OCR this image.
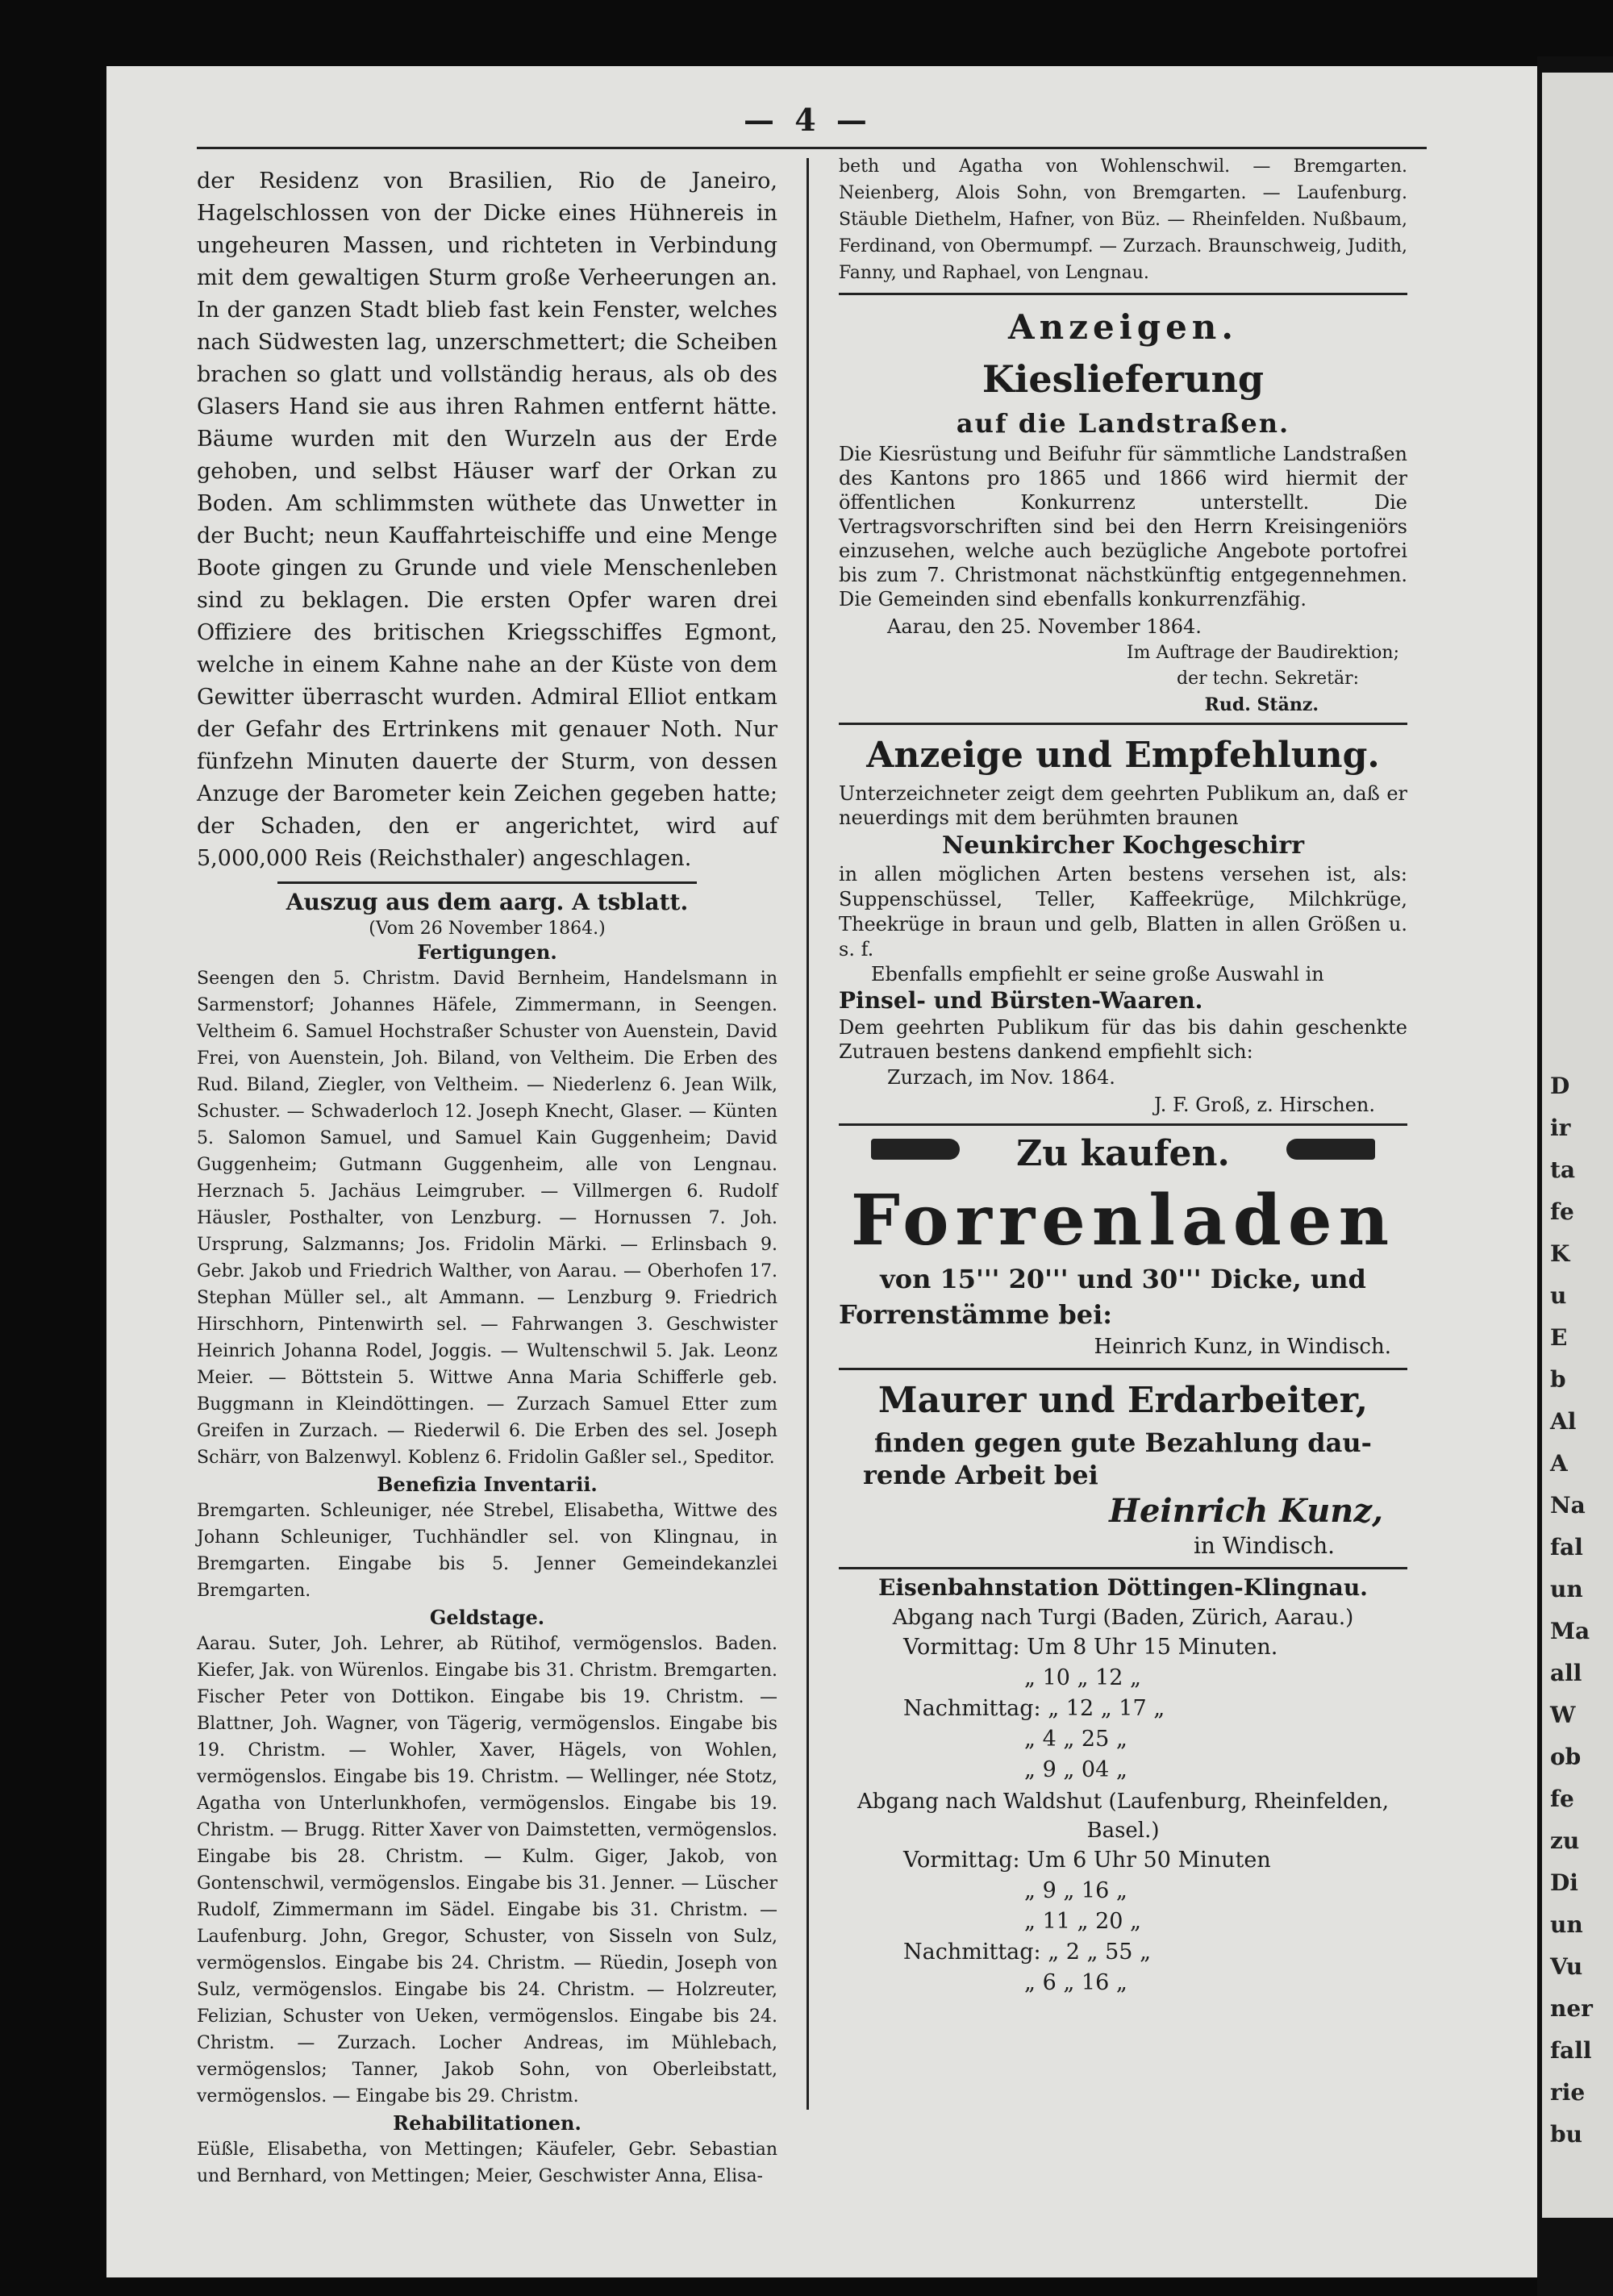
D
ir
ta
fe
K
u
E
b
Al
A
Na
fal
un
Ma
all
W
ob
fe
zu
Di
un
Vu
ner
fall
rie
bu
— 4 —

der Residenz von Brasilien, Rio de Janeiro, Hagelschlossen von der Dicke eines Hühnereis in ungeheuren Massen, und richteten in Verbindung mit dem gewaltigen Sturm große Verheerungen an. In der ganzen Stadt blieb fast kein Fenster, welches nach Südwesten lag, unzerschmettert; die Scheiben brachen so glatt und vollständig heraus, als ob des Glasers Hand sie aus ihren Rahmen entfernt hätte. Bäume wurden mit den Wurzeln aus der Erde gehoben, und selbst Häuser warf der Orkan zu Boden. Am schlimmsten wüthete das Unwetter in der Bucht; neun Kauffahrteischiffe und eine Menge Boote gingen zu Grunde und viele Menschenleben sind zu beklagen. Die ersten Opfer waren drei Offiziere des britischen Kriegsschiffes Egmont, welche in einem Kahne nahe an der Küste von dem Gewitter überrascht wurden. Admiral Elliot entkam der Gefahr des Ertrinkens mit genauer Noth. Nur fünfzehn Minuten dauerte der Sturm, von dessen Anzuge der Barometer kein Zeichen gegeben hatte; der Schaden, den er angerichtet, wird auf 5,000,000 Reis (Reichsthaler) angeschlagen.

Auszug aus dem aarg. A tsblatt.

(Vom 26 November 1864.)

Fertigungen.

Seengen den 5. Christm. David Bernheim, Handelsmann in Sarmenstorf; Johannes Häfele, Zimmermann, in Seengen. Veltheim 6. Samuel Hochstraßer Schuster von Auenstein, David Frei, von Auenstein, Joh. Biland, von Veltheim. Die Erben des Rud. Biland, Ziegler, von Veltheim. — Niederlenz 6. Jean Wilk, Schuster. — Schwaderloch 12. Joseph Knecht, Glaser. — Künten 5. Salomon Samuel, und Samuel Kain Guggenheim; David Guggenheim; Gutmann Guggenheim, alle von Lengnau. Herznach 5. Jachäus Leimgruber. — Villmergen 6. Rudolf Häusler, Posthalter, von Lenzburg. — Hornussen 7. Joh. Ursprung, Salzmanns; Jos. Fridolin Märki. — Erlinsbach 9. Gebr. Jakob und Friedrich Walther, von Aarau. — Oberhofen 17. Stephan Müller sel., alt Ammann. — Lenzburg 9. Friedrich Hirschhorn, Pintenwirth sel. — Fahrwangen 3. Geschwister Heinrich Johanna Rodel, Joggis. — Wultenschwil 5. Jak. Leonz Meier. — Böttstein 5. Wittwe Anna Maria Schifferle geb. Buggmann in Kleindöttingen. — Zurzach Samuel Etter zum Greifen in Zurzach. — Riederwil 6. Die Erben des sel. Joseph Schärr, von Balzenwyl. Koblenz 6. Fridolin Gaßler sel., Speditor.

Benefizia Inventarii.

Bremgarten. Schleuniger, née Strebel, Elisabetha, Wittwe des Johann Schleuniger, Tuchhändler sel. von Klingnau, in Bremgarten. Eingabe bis 5. Jenner Gemeindekanzlei Bremgarten.

Geldstage.

Aarau. Suter, Joh. Lehrer, ab Rütihof, vermögenslos. Baden. Kiefer, Jak. von Würenlos. Eingabe bis 31. Christm. Bremgarten. Fischer Peter von Dottikon. Eingabe bis 19. Christm. — Blattner, Joh. Wagner, von Tägerig, vermögenslos. Eingabe bis 19. Christm. — Wohler, Xaver, Hägels, von Wohlen, vermögenslos. Eingabe bis 19. Christm. — Wellinger, née Stotz, Agatha von Unterlunkhofen, vermögenslos. Eingabe bis 19. Christm. — Brugg. Ritter Xaver von Daimstetten, vermögenslos. Eingabe bis 28. Christm. — Kulm. Giger, Jakob, von Gontenschwil, vermögenslos. Eingabe bis 31. Jenner. — Lüscher Rudolf, Zimmermann im Sädel. Eingabe bis 31. Christm. — Laufenburg. John, Gregor, Schuster, von Sisseln von Sulz, vermögenslos. Eingabe bis 24. Christm. — Rüedin, Joseph von Sulz, vermögenslos. Eingabe bis 24. Christm. — Holzreuter, Felizian, Schuster von Ueken, vermögenslos. Eingabe bis 24. Christm. — Zurzach. Locher Andreas, im Mühlebach, vermögenslos; Tanner, Jakob Sohn, von Oberleibstatt, vermögenslos. — Eingabe bis 29. Christm.

Rehabilitationen.

Eüßle, Elisabetha, von Mettingen; Käufeler, Gebr. Sebastian und Bernhard, von Mettingen; Meier, Geschwister Anna, Elisa-

beth und Agatha von Wohlenschwil. — Bremgarten. Neienberg, Alois Sohn, von Bremgarten. — Laufenburg. Stäuble Diethelm, Hafner, von Büz. — Rheinfelden. Nußbaum, Ferdinand, von Obermumpf. — Zurzach. Braunschweig, Judith, Fanny, und Raphael, von Lengnau.

Anzeigen.

Kieslieferung

auf die Landstraßen.

Die Kiesrüstung und Beifuhr für sämmtliche Landstraßen des Kantons pro 1865 und 1866 wird hiermit der öffentlichen Konkurrenz unterstellt. Die Vertragsvorschriften sind bei den Herrn Kreisingeniörs einzusehen, welche auch bezügliche Angebote portofrei bis zum 7. Christmonat nächstkünftig entgegennehmen. Die Gemeinden sind ebenfalls konkurrenzfähig.

Aarau, den 25. November 1864.

Im Auftrage der Baudirektion;

der techn. Sekretär:

Rud. Stänz.

Anzeige und Empfehlung.

Unterzeichneter zeigt dem geehrten Publikum an, daß er neuerdings mit dem berühmten braunen

Neunkircher Kochgeschirr

in allen möglichen Arten bestens versehen ist, als: Suppenschüssel, Teller, Kaffeekrüge, Milchkrüge, Theekrüge in braun und gelb, Blatten in allen Größen u. s. f.

Ebenfalls empfiehlt er seine große Auswahl in

Pinsel- und Bürsten-Waaren.

Dem geehrten Publikum für das bis dahin geschenkte Zutrauen bestens dankend empfiehlt sich:

Zurzach, im Nov. 1864.

J. F. Groß, z. Hirschen.

Zu kaufen.

Forrenladen

von 15''' 20''' und 30''' Dicke, und

Forrenstämme bei:

Heinrich Kunz, in Windisch.

Maurer und Erdarbeiter,

finden gegen gute Bezahlung dau-

rende Arbeit bei

Heinrich Kunz,

in Windisch.

Eisenbahnstation Döttingen-Klingnau.

Abgang nach Turgi (Baden, Zürich, Aarau.)

Vormittag: Um 8 Uhr 15 Minuten.

„ 10 „ 12 „

Nachmittag: „ 12 „ 17 „

„ 4 „ 25 „

„ 9 „ 04 „

Abgang nach Waldshut (Laufenburg, Rheinfelden, Basel.)

Vormittag: Um 6 Uhr 50 Minuten

„ 9 „ 16 „

„ 11 „ 20 „

Nachmittag: „ 2 „ 55 „

„ 6 „ 16 „
